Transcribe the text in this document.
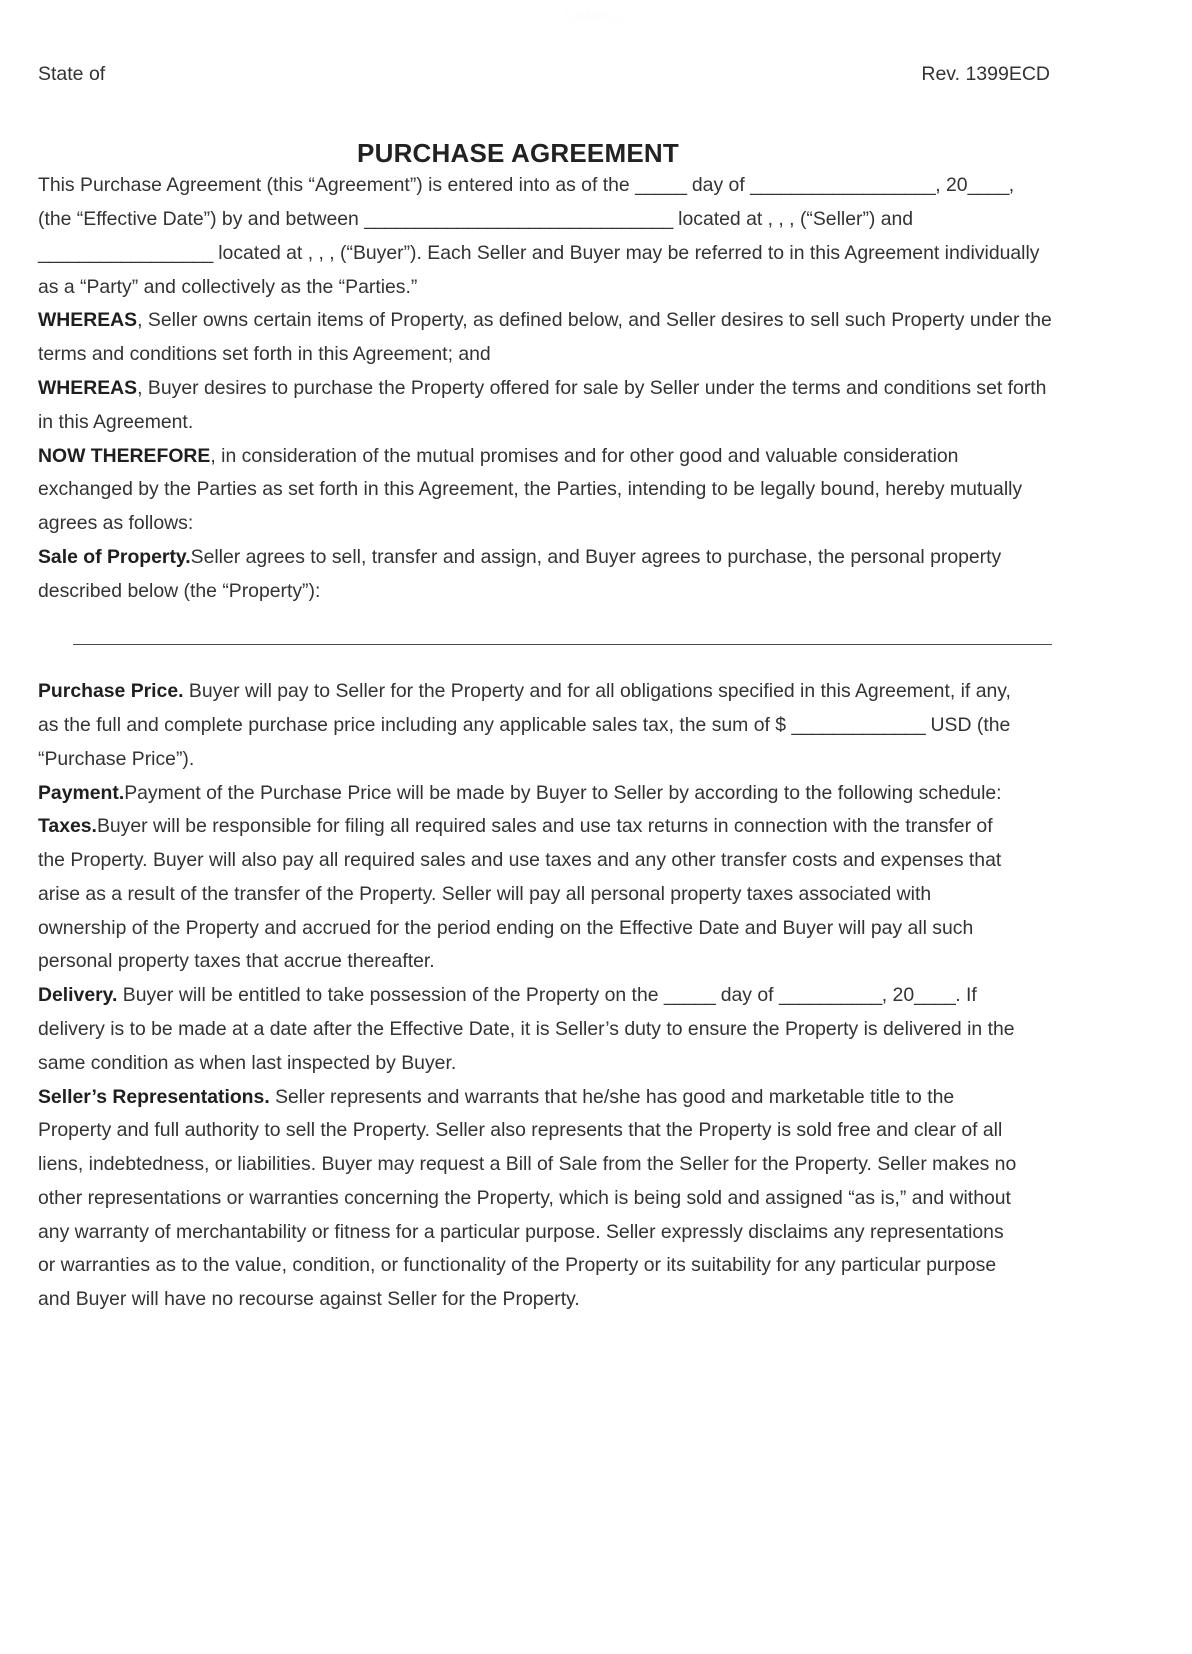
SAMPLE
State of	Rev. 1399ECD
PURCHASE AGREEMENT

This Purchase Agreement (this “Agreement”) is entered into as of the _____ day of __________________, 20____, (the “Effective Date”) by and between ______________________________ located at , , , (“Seller”) and _________________ located at , , , (“Buyer”). Each Seller and Buyer may be referred to in this Agreement individually as a “Party” and collectively as the “Parties.”

WHEREAS, Seller owns certain items of Property, as defined below, and Seller desires to sell such Property under the terms and conditions set forth in this Agreement; and

WHEREAS, Buyer desires to purchase the Property offered for sale by Seller under the terms and conditions set forth in this Agreement.

NOW THEREFORE, in consideration of the mutual promises and for other good and valuable consideration exchanged by the Parties as set forth in this Agreement, the Parties, intending to be legally bound, hereby mutually agrees as follows:

Sale of Property.Seller agrees to sell, transfer and assign, and Buyer agrees to purchase, the personal property described below (the “Property”):

Purchase Price. Buyer will pay to Seller for the Property and for all obligations specified in this Agreement, if any, as the full and complete purchase price including any applicable sales tax, the sum of $ _____________ USD (the “Purchase Price”).

Payment.Payment of the Purchase Price will be made by Buyer to Seller by according to the following schedule:

Taxes.Buyer will be responsible for filing all required sales and use tax returns in connection with the transfer of the Property. Buyer will also pay all required sales and use taxes and any other transfer costs and expenses that arise as a result of the transfer of the Property. Seller will pay all personal property taxes associated with ownership of the Property and accrued for the period ending on the Effective Date and Buyer will pay all such personal property taxes that accrue thereafter.

Delivery. Buyer will be entitled to take possession of the Property on the _____ day of __________, 20____. If delivery is to be made at a date after the Effective Date, it is Seller’s duty to ensure the Property is delivered in the same condition as when last inspected by Buyer.

Seller’s Representations. Seller represents and warrants that he/she has good and marketable title to the Property and full authority to sell the Property. Seller also represents that the Property is sold free and clear of all liens, indebtedness, or liabilities. Buyer may request a Bill of Sale from the Seller for the Property. Seller makes no other representations or warranties concerning the Property, which is being sold and assigned “as is,” and without any warranty of merchantability or fitness for a particular purpose. Seller expressly disclaims any representations or warranties as to the value, condition, or functionality of the Property or its suitability for any particular purpose and Buyer will have no recourse against Seller for the Property.
